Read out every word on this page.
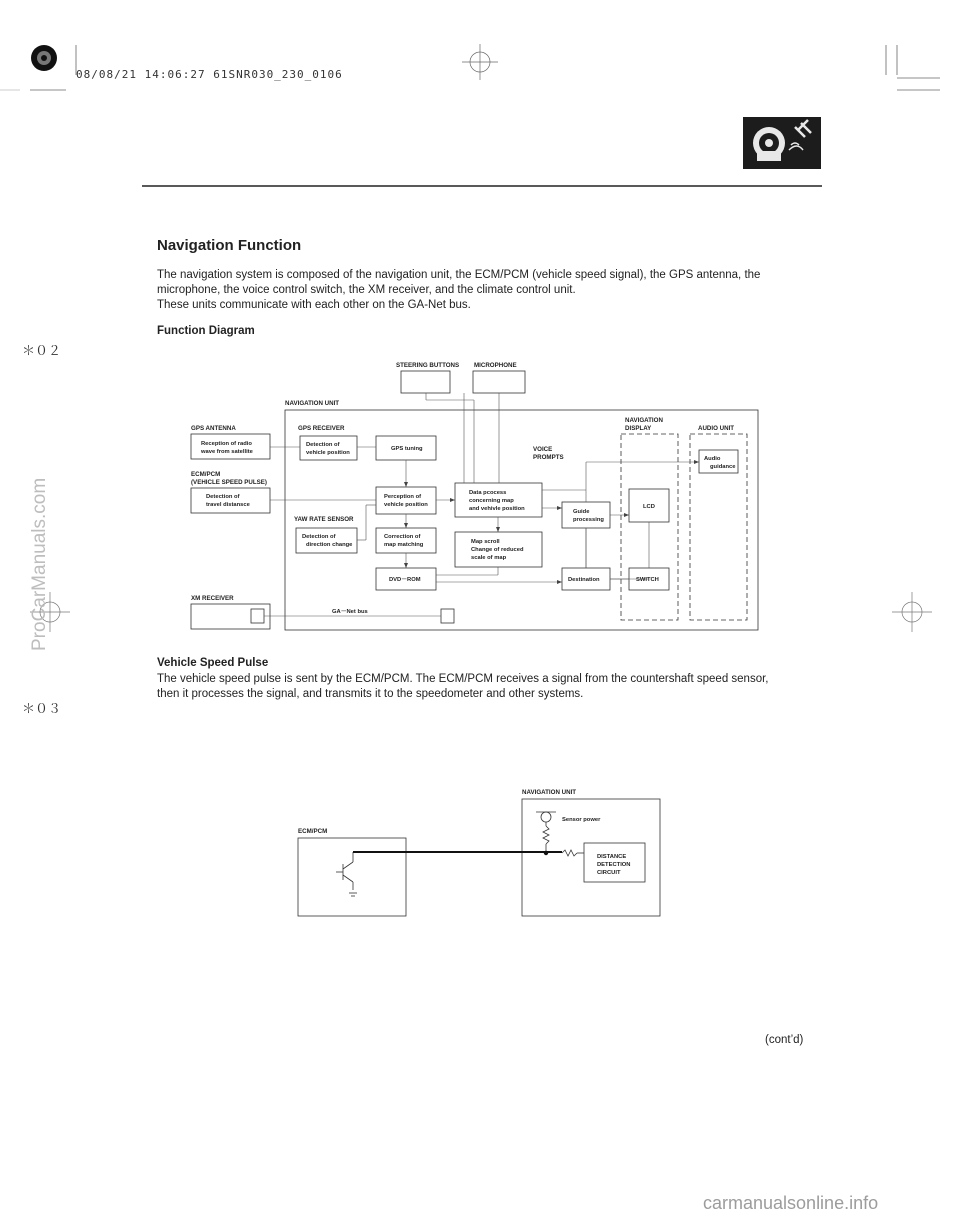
08/08/21 14:06:27 61SNR030_230_0106
Navigation Function
The navigation system is composed of the navigation unit, the ECM/PCM (vehicle speed signal), the GPS antenna, the
microphone, the voice control switch, the XM receiver, and the climate control unit.
These units communicate with each other on the GA-Net bus.
Function Diagram
＊０２
＊０３
STEERING BUTTONS MICROPHONE
NAVIGATION UNIT
GPS ANTENNA	GPS RECEIVER
NAVIGATION
DISPLAY	AUDIO UNIT
Reception of radio
wave from satellite
Detection of
vehicle position
GPS tuning	VOICE
PROMPTS	Audio
guidance
ECM/PCM
(VEHICLE SPEED PULSE)
Detection of
travel distansce
Perception of
vehicle position
Data pcocess
concerning map
and vehivle position	Guide
processing
LCD
YAW RATE SENSOR
Detection of
direction change
Correction of
map matching	Map scroll
Change of reduced
scale of map
DVD－ROM	Destination	SWITCH
XM RECEIVER
GA－Net bus
Vehicle Speed Pulse
The vehicle speed pulse is sent by the ECM/PCM. The ECM/PCM receives a signal from the countershaft speed sensor,
then it processes the signal, and transmits it to the speedometer and other systems.
NAVIGATION UNIT
Sensor power
ECM/PCM
DISTANCE
DETECTION
CIRCUIT
(cont’d)
ProCarManuals.com
carmanualsonline.info
